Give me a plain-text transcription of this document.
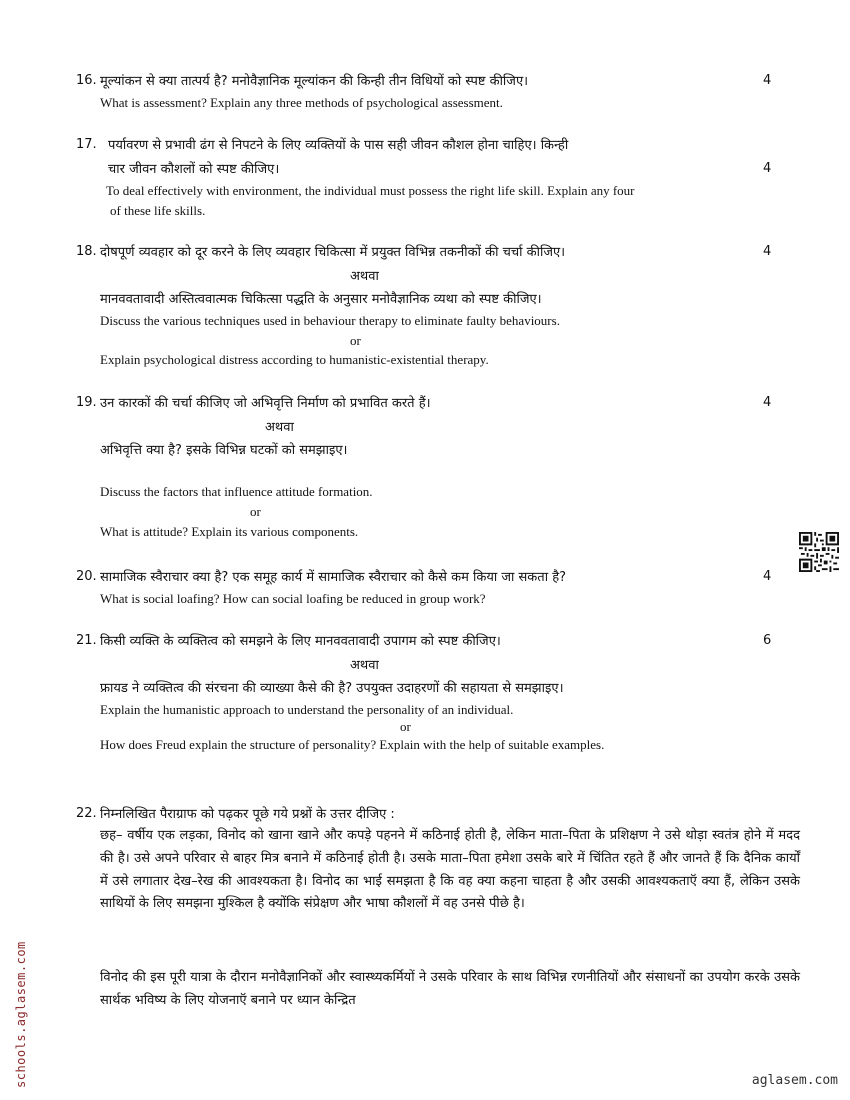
16. मूल्यांकन से क्या तात्पर्य है? मनोवैज्ञानिक मूल्यांकन की किन्ही तीन विधियों को स्पष्ट कीजिए।	4
What is assessment? Explain any three methods of psychological assessment.
17. पर्यावरण से प्रभावी ढंग से निपटने के लिए व्यक्तियों के पास सही जीवन कौशल होना चाहिए। किन्ही
चार जीवन कौशलों को स्पष्ट कीजिए।	4
To deal effectively with environment, the individual must possess the right life skill. Explain any four
of these life skills.
18. दोषपूर्ण व्यवहार को दूर करने के लिए व्यवहार चिकित्सा में प्रयुक्त विभिन्न तकनीकों की चर्चा कीजिए।	4
अथवा
मानववतावादी अस्तित्ववात्मक चिकित्सा पद्धति के अनुसार मनोवैज्ञानिक व्यथा को स्पष्ट कीजिए।
Discuss the various techniques used in behaviour therapy to eliminate faulty behaviours.
or
Explain psychological distress according to humanistic-existential therapy.
19. उन कारकों की चर्चा कीजिए जो अभिवृत्ति निर्माण को प्रभावित करते हैं।	4
अथवा
अभिवृत्ति क्या है? इसके विभिन्न घटकों को समझाइए।
Discuss the factors that influence attitude formation.
or
What is attitude? Explain its various components.
20. सामाजिक स्वैराचार क्या है? एक समूह कार्य में सामाजिक स्वैराचार को कैसे कम किया जा सकता है?	4
What is social loafing? How can social loafing be reduced in group work?
21. किसी व्यक्ति के व्यक्तित्व को समझने के लिए मानववतावादी उपागम को स्पष्ट कीजिए।	6
अथवा
फ्रायड ने व्यक्तित्व की संरचना की व्याख्या कैसे की है? उपयुक्त उदाहरणों की सहायता से समझाइए।
Explain the humanistic approach to understand the personality of an individual.
or
How does Freud explain the structure of personality? Explain with the help of suitable examples.
22. निम्नलिखित पैराग्राफ को पढ़कर पूछे गये प्रश्नों के उत्तर दीजिए :
छह– वर्षीय एक लड़का, विनोद को खाना खाने और कपड़े पहनने में कठिनाई होती है, लेकिन माता–पिता के प्रशिक्षण ने उसे थोड़ा स्वतंत्र होने में मदद की है। उसे अपने परिवार से बाहर मित्र बनाने में कठिनाई होती है। उसके माता–पिता हमेशा उसके बारे में चिंतित रहते हैं और जानते हैं कि दैनिक कार्यों में उसे लगातार देख–रेख की आवश्यकता है। विनोद का भाई समझता है कि वह क्या कहना चाहता है और उसकी आवश्यकताऍ क्या हैं, लेकिन उसके साथियों के लिए समझना मुश्किल है क्योंकि संप्रेक्षण और भाषा कौशलों में वह उनसे पीछे है।
विनोद की इस पूरी यात्रा के दौरान मनोवैज्ञानिकों और स्वास्थ्यकर्मियों ने उसके परिवार के साथ विभिन्न रणनीतियों और संसाधनों का उपयोग करके उसके सार्थक भविष्य के लिए योजनाऍ बनाने पर ध्यान केन्द्रित
schools.aglasem.com	aglasem.com
